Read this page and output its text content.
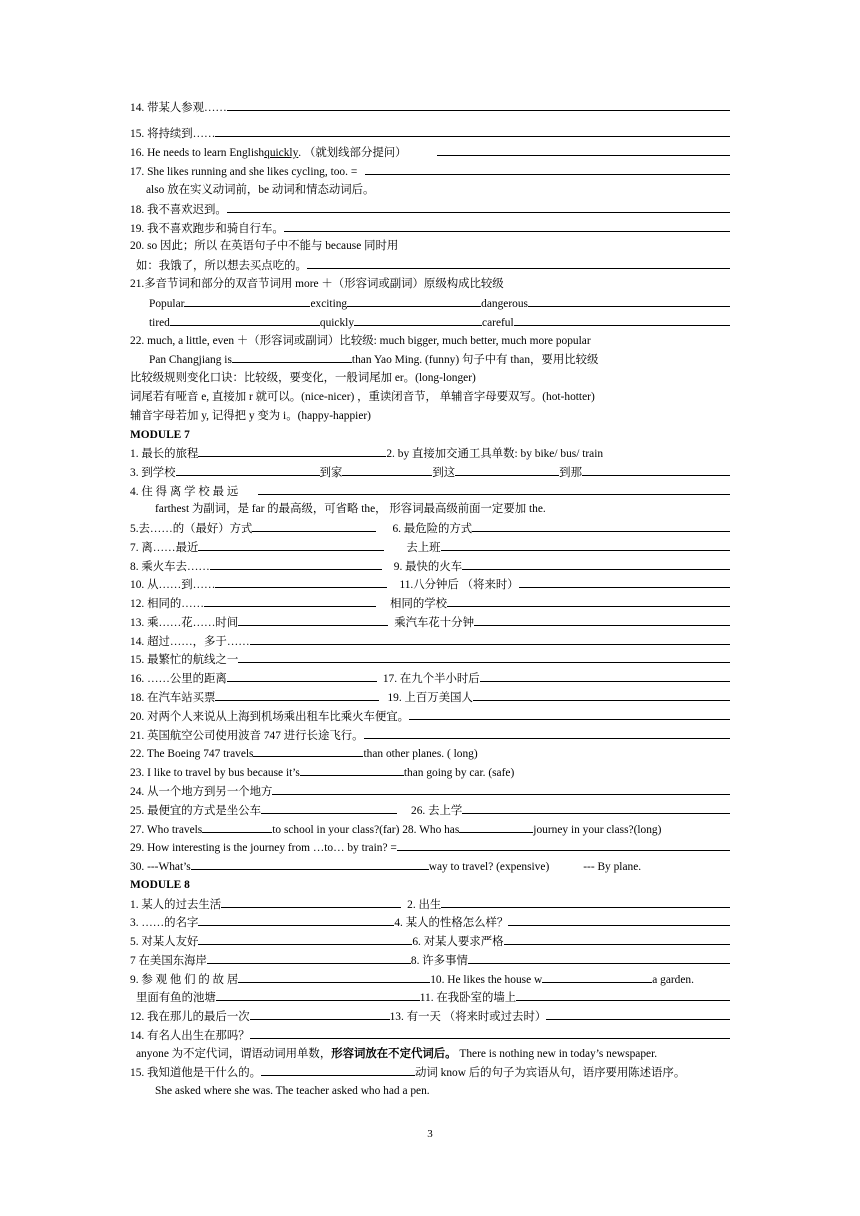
14. 带某人参观……
15. 将持续到……
16. He needs to learn English quickly . （就划线部分提问）
17. She likes running and she likes cycling, too. =
also 放在实义动词前，be 动词和情态动词后。
18. 我不喜欢迟到。
19. 我不喜欢跑步和骑自行车。
20. so 因此；所以 在英语句子中不能与 because 同时用
如：我饿了，所以想去买点吃的。
21.多音节词和部分的双音节词用 more ＋（形容词或副词）原级构成比较级
Popular	exciting	dangerous
tired	quickly	careful
22. much, a little, even ＋（形容词或副词）比较级: much bigger, much better, much more popular
Pan Changjiang is	than Yao Ming. (funny) 句子中有 than，要用比较级
比较级规则变化口诀：比较级，要变化，一般词尾加 er。(long-longer)
词尾若有哑音 e, 直接加 r 就可以。(nice-nicer) ，重读闭音节， 单辅音字母要双写。(hot-hotter)
辅音字母若加 y, 记得把 y 变为 i。(happy-happier)
MODULE 7
1. 最长的旅程	2. by 直接加交通工具单数: by bike/ bus/ train
3. 到学校	到家	到这	到那
4. 住 得 离 学 校 最 远
farthest 为副词，是 far 的最高级，可省略 the， 形容词最高级前面一定要加 the.
5.去……的（最好）方式	6. 最危险的方式
7. 离……最近	去上班
8. 乘火车去……	9. 最快的火车
10. 从……到……	11.八分钟后 （将来时）
12. 相同的……	相同的学校
13. 乘……花……时间	乘汽车花十分钟
14. 超过……，多于……
15. 最繁忙的航线之一
16. ……公里的距离	17. 在九个半小时后
18. 在汽车站买票	19. 上百万美国人
20. 对两个人来说从上海到机场乘出租车比乘火车便宜。
21. 英国航空公司使用波音 747 进行长途飞行。
22. The Boeing 747 travels	than other planes. ( long)
23. I like to travel by bus because it’s	than going by car. (safe)
24. 从一个地方到另一个地方
25. 最便宜的方式是坐公车	26. 去上学
27. Who travels	to school in your class?(far) 28. Who has	journey in your class?(long)
29. How interesting is the journey from …to… by train? =
30. ---What’s	way to travel? (expensive)	--- By plane.
MODULE 8
1. 某人的过去生活	2. 出生
3. ……的名字	4. 某人的性格怎么样？
5. 对某人友好	6. 对某人要求严格
7 在美国东海岸	8. 许多事情
9. 参 观 他 们 的 故 居	10. He likes the house w	a garden.
里面有鱼的池塘	11. 在我卧室的墙上
12. 我在那儿的最后一次	13. 有一天 （将来时或过去时）
14. 有名人出生在那吗？
anyone 为不定代词，谓语动词用单数，形容词放在不定代词后。 There is nothing new in today’s newspaper.
15. 我知道他是干什么的。	动词 know 后的句子为宾语从句，语序要用陈述语序。
She asked where she was. The teacher asked who had a pen.
3
